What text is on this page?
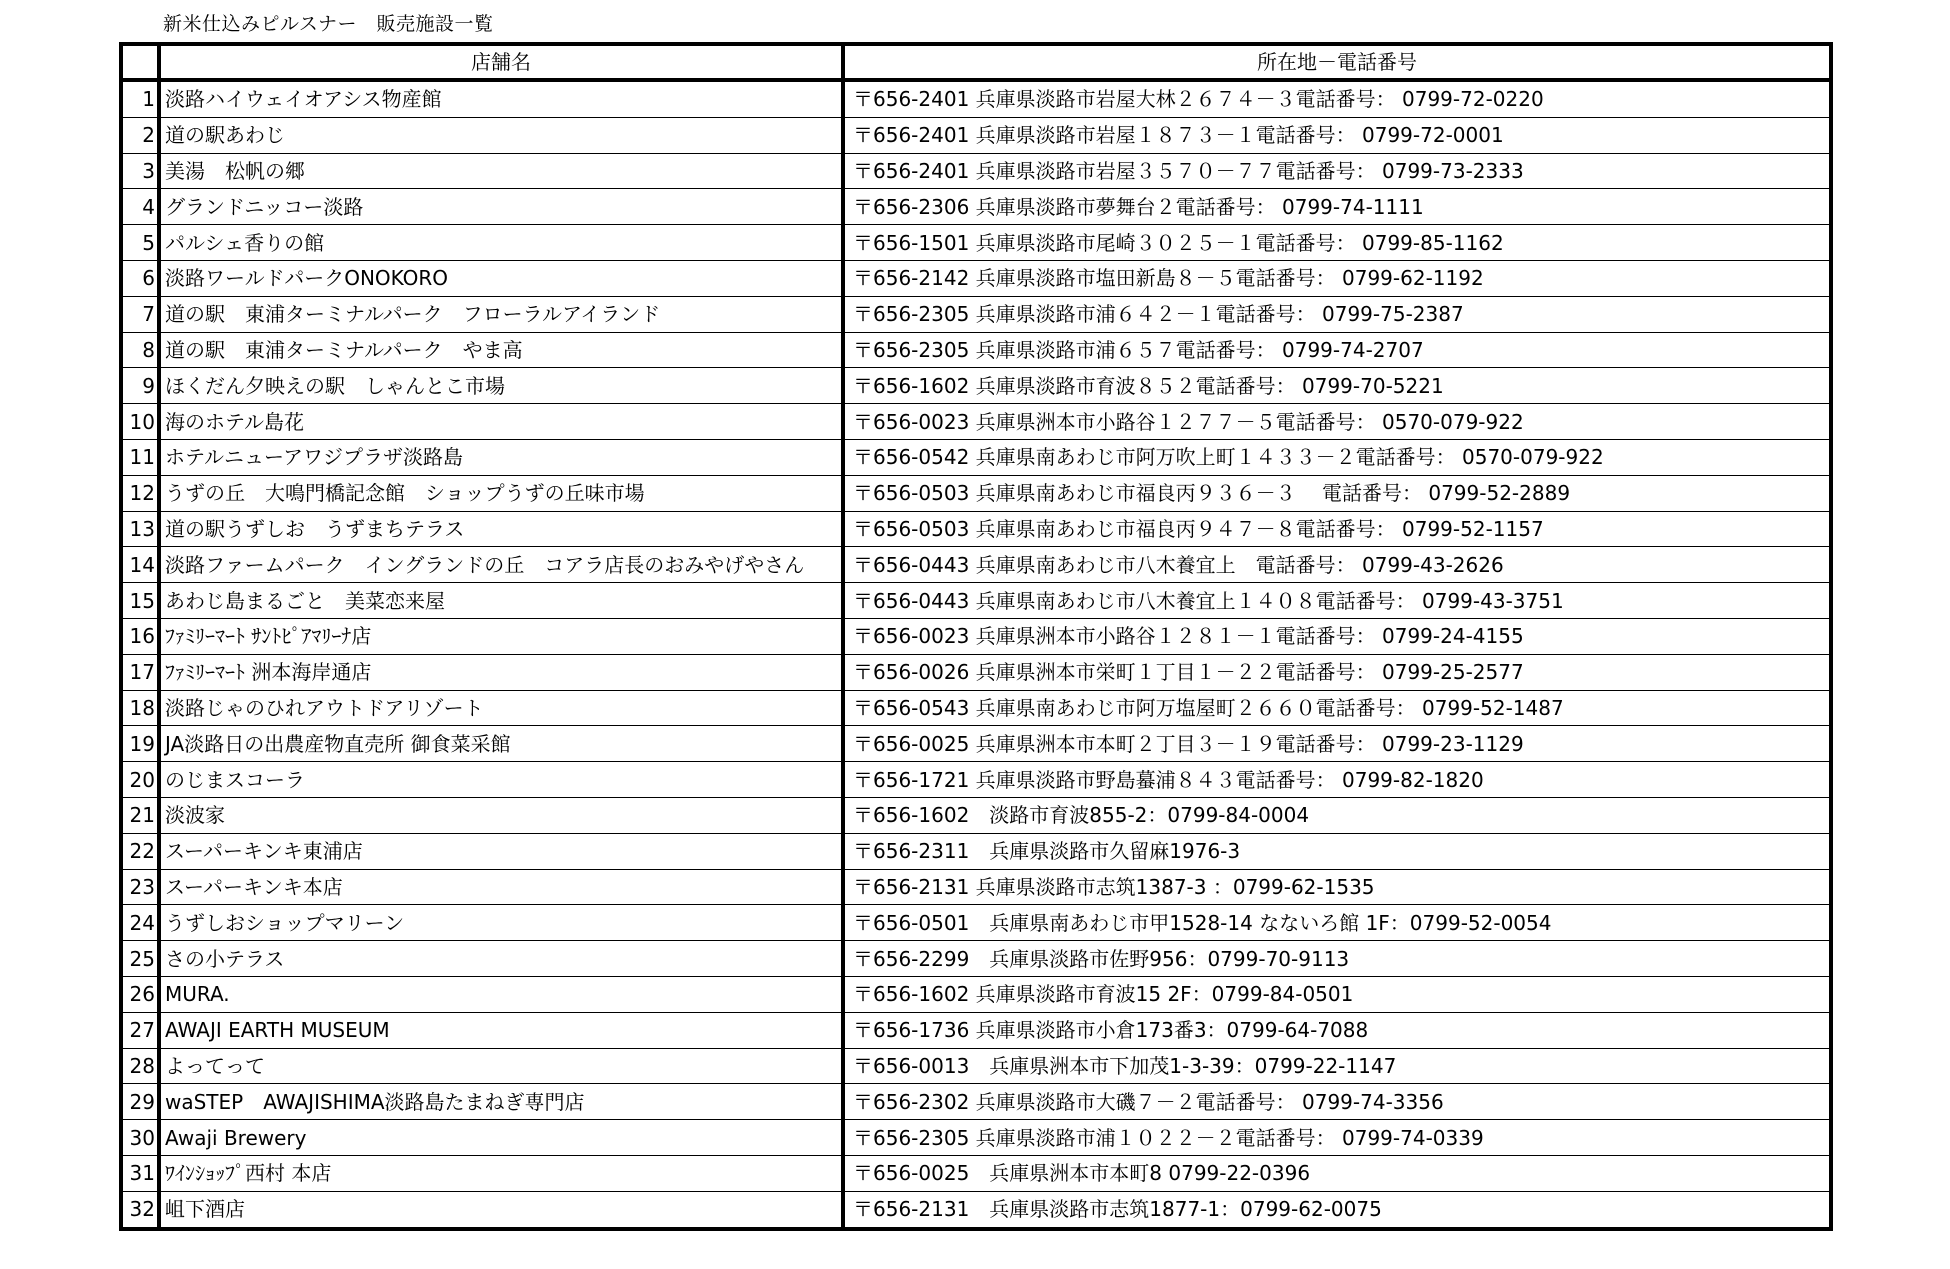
新米仕込みピルスナー　販売施設一覧
	店舗名	所在地－電話番号
1	淡路ハイウェイオアシス物産館	〒656-2401 兵庫県淡路市岩屋大林２６７４－３電話番号： 0799-72-0220
2	道の駅あわじ	〒656-2401 兵庫県淡路市岩屋１８７３－１電話番号： 0799-72-0001
3	美湯　松帆の郷	〒656-2401 兵庫県淡路市岩屋３５７０－７７電話番号： 0799-73-2333
4	グランドニッコー淡路	〒656-2306 兵庫県淡路市夢舞台２電話番号： 0799-74-1111
5	パルシェ香りの館	〒656-1501 兵庫県淡路市尾崎３０２５－１電話番号： 0799-85-1162
6	淡路ワールドパークONOKORO	〒656-2142 兵庫県淡路市塩田新島８－５電話番号： 0799-62-1192
7	道の駅　東浦ターミナルパーク　フローラルアイランド	〒656-2305 兵庫県淡路市浦６４２－１電話番号： 0799-75-2387
8	道の駅　東浦ターミナルパーク　やま高	〒656-2305 兵庫県淡路市浦６５７電話番号： 0799-74-2707
9	ほくだん夕映えの駅　しゃんとこ市場	〒656-1602 兵庫県淡路市育波８５２電話番号： 0799-70-5221
10	海のホテル島花	〒656-0023 兵庫県洲本市小路谷１２７７－５電話番号： 0570-079-922
11	ホテルニューアワジプラザ淡路島	〒656-0542 兵庫県南あわじ市阿万吹上町１４３３－２電話番号： 0570-079-922
12	うずの丘　大鳴門橋記念館　ショップうずの丘味市場	〒656-0503 兵庫県南あわじ市福良丙９３６－３　 電話番号： 0799-52-2889
13	道の駅うずしお　うずまちテラス	〒656-0503 兵庫県南あわじ市福良丙９４７－８電話番号： 0799-52-1157
14	淡路ファームパーク　イングランドの丘　コアラ店長のおみやげやさん	〒656-0443 兵庫県南あわじ市八木養宜上　電話番号： 0799-43-2626
15	あわじ島まるごと　美菜恋来屋	〒656-0443 兵庫県南あわじ市八木養宜上１４０８電話番号： 0799-43-3751
16	ﾌｧﾐﾘｰﾏｰﾄ ｻﾝﾄﾋﾟｱﾏﾘｰﾅ店	〒656-0023 兵庫県洲本市小路谷１２８１－１電話番号： 0799-24-4155
17	ﾌｧﾐﾘｰﾏｰﾄ 洲本海岸通店	〒656-0026 兵庫県洲本市栄町１丁目１－２２電話番号： 0799-25-2577
18	淡路じゃのひれアウトドアリゾート	〒656-0543 兵庫県南あわじ市阿万塩屋町２６６０電話番号： 0799-52-1487
19	JA淡路日の出農産物直売所 御食菜采館	〒656-0025 兵庫県洲本市本町２丁目３－１９電話番号： 0799-23-1129
20	のじまスコーラ	〒656-1721 兵庫県淡路市野島蟇浦８４３電話番号： 0799-82-1820
21	淡波家	〒656-1602　淡路市育波855-2：0799-84-0004
22	スーパーキンキ東浦店	〒656-2311　兵庫県淡路市久留麻1976-3
23	スーパーキンキ本店	〒656-2131 兵庫県淡路市志筑1387-3 ：0799-62-1535
24	うずしおショップマリーン	〒656-0501　兵庫県南あわじ市甲1528-14 なないろ館 1F：0799-52-0054
25	さの小テラス	〒656-2299　兵庫県淡路市佐野956：0799-70-9113
26	MURA.	〒656-1602 兵庫県淡路市育波15 2F：0799-84-0501
27	AWAJI EARTH MUSEUM	〒656-1736 兵庫県淡路市小倉173番3：0799-64-7088
28	よってって	〒656-0013　兵庫県洲本市下加茂1-3-39：0799-22-1147
29	waSTEP　AWAJISHIMA淡路島たまねぎ専門店	〒656-2302 兵庫県淡路市大磯７－２電話番号： 0799-74-3356
30	Awaji Brewery	〒656-2305 兵庫県淡路市浦１０２２－２電話番号： 0799-74-0339
31	ﾜｲﾝｼｮｯﾌﾟ西村 本店	〒656-0025　兵庫県洲本市本町8 0799-22-0396
32	岨下酒店	〒656-2131　兵庫県淡路市志筑1877-1：0799-62-0075
